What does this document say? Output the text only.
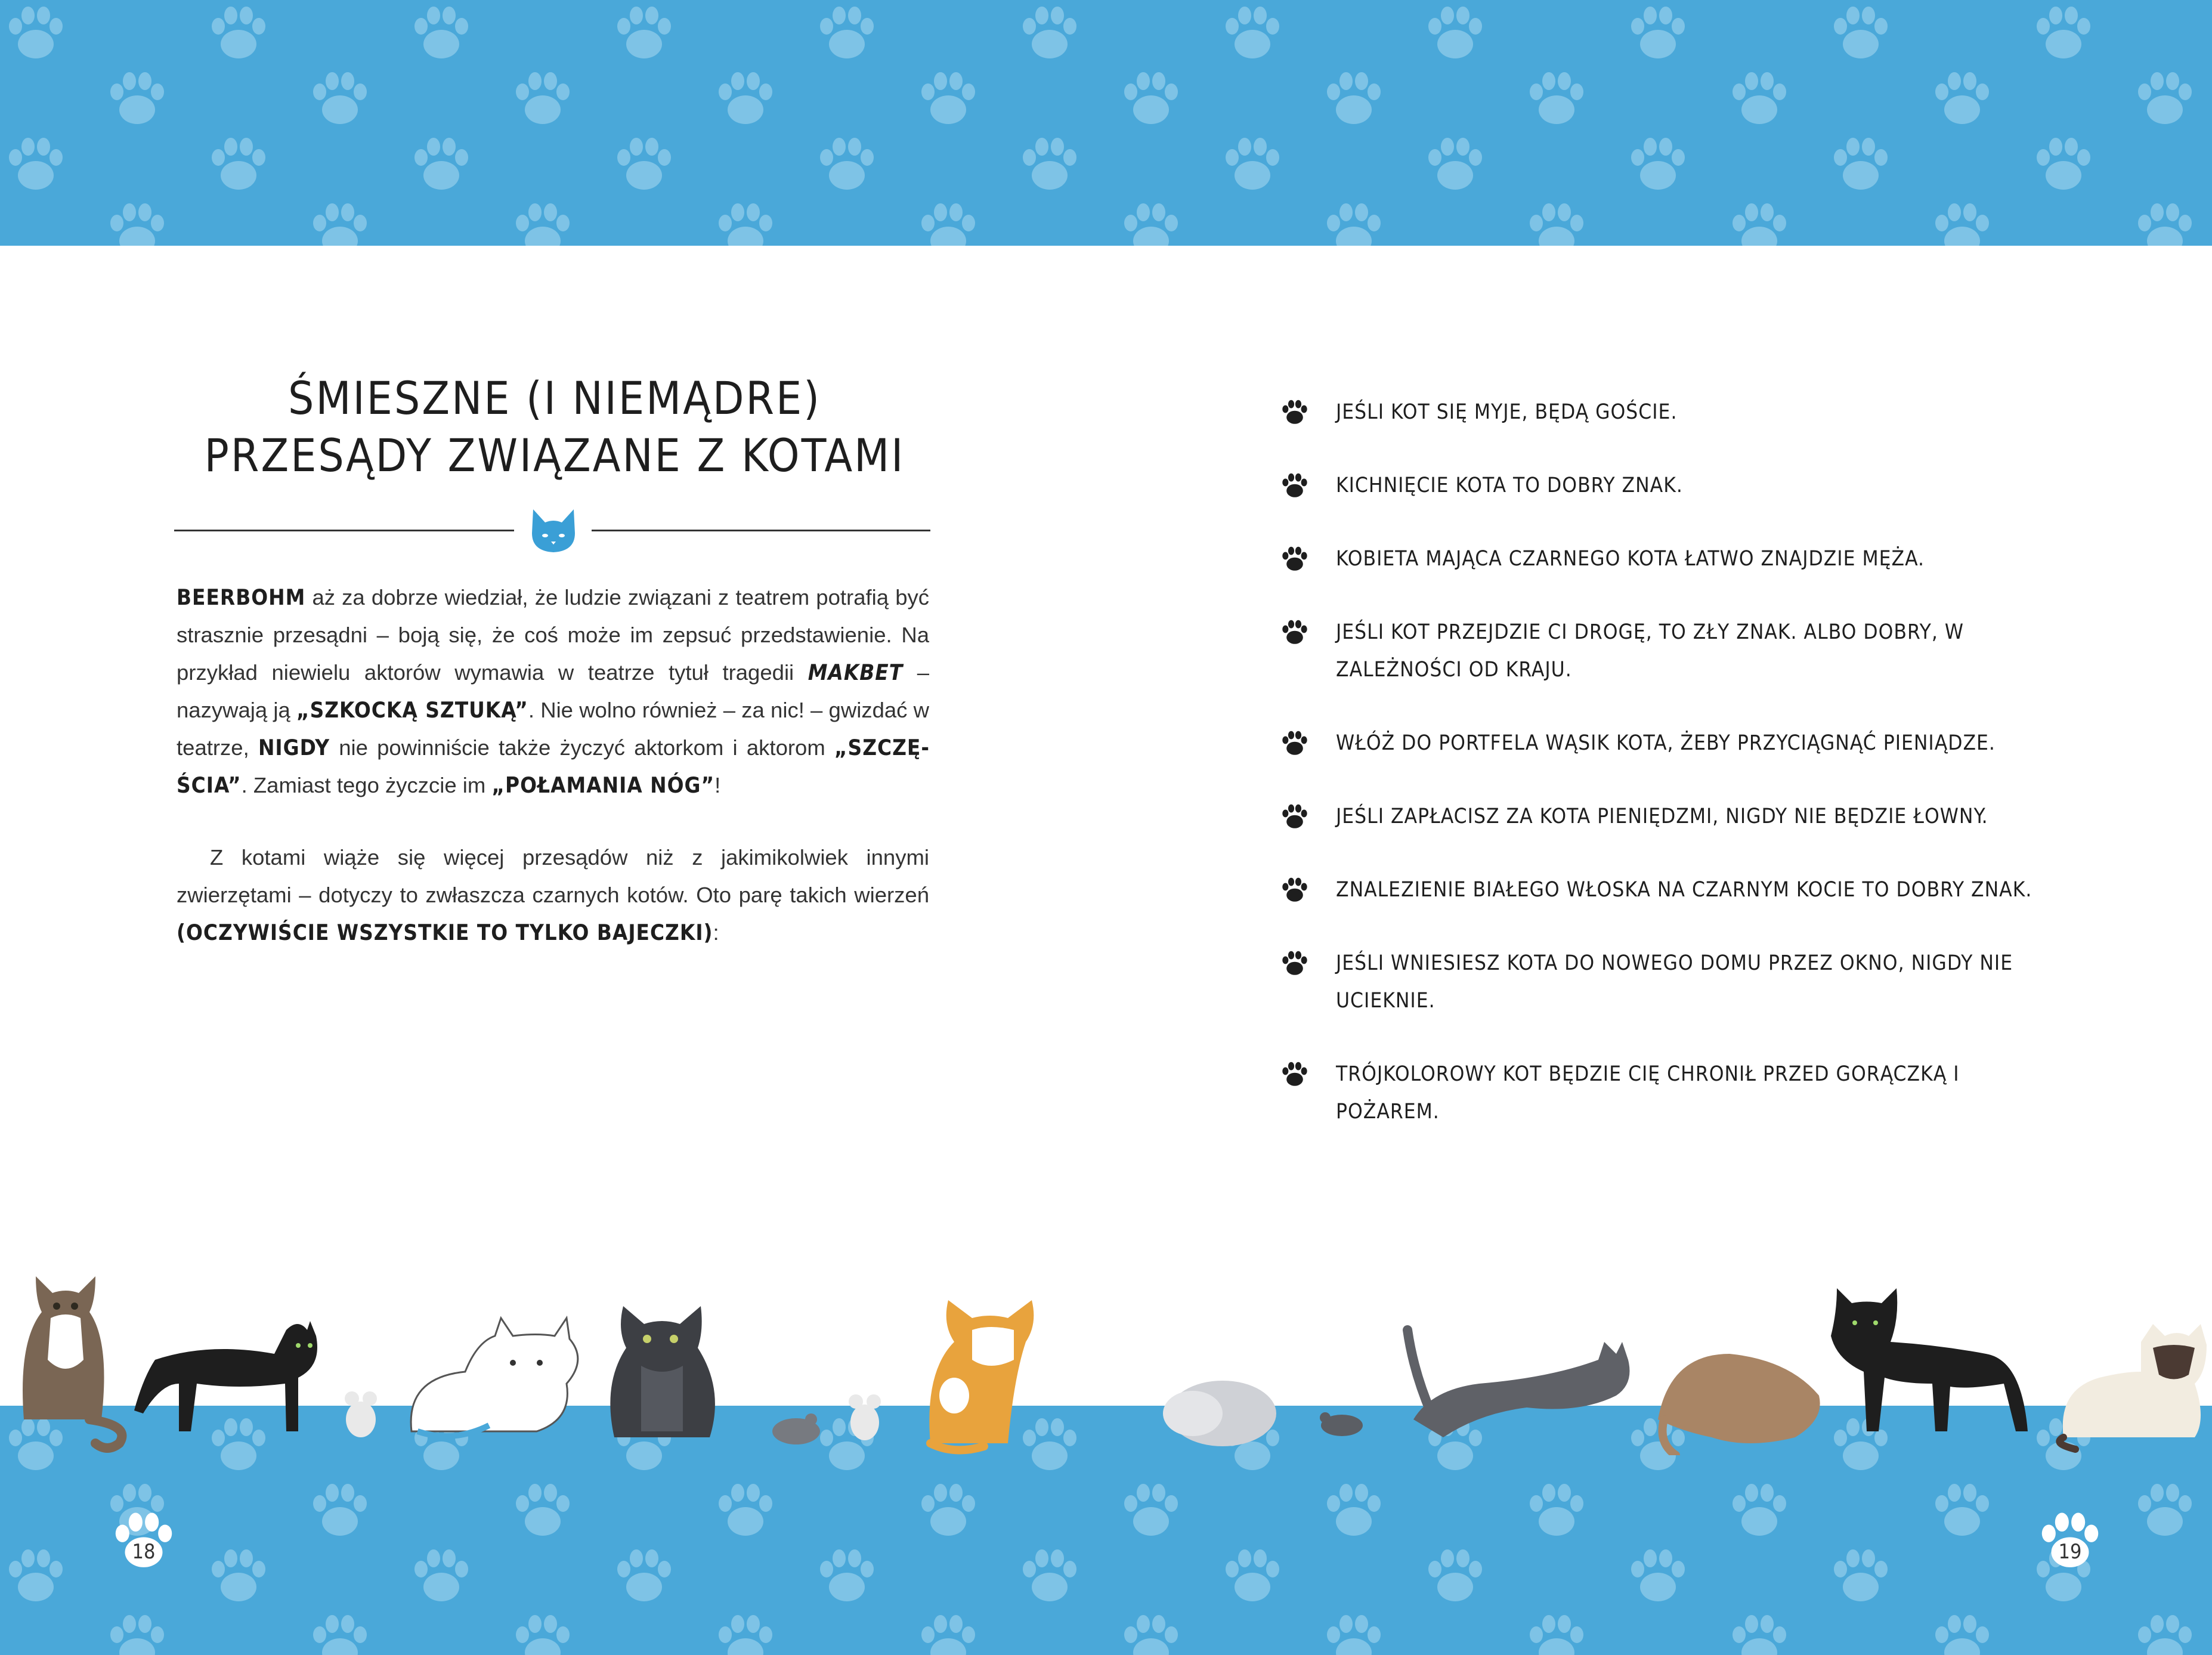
ŚMIESZNE (I NIEMĄDRE)
PRZESĄDY ZWIĄZANE Z KOTAMI
BEERBOHM aż za dobrze wiedział, że ludzie związani z teatrem potrafią być strasznie przesądni – boją się, że coś może im zepsuć przedstawienie. Na przykład niewielu aktorów wymawia w teatrze tytuł tragedii MAKBET – nazywają ją „SZKOCKĄ SZTUKĄ”. Nie wolno również – za nic! – gwizdać w teatrze, NIGDY nie powinniście także życzyć aktorkom i aktorom „SZCZĘŚCIA”. Zamiast tego życzcie im „POŁAMANIA NÓG”!
Z kotami wiąże się więcej przesądów niż z jakimikolwiek innymi zwierzętami – dotyczy to zwłaszcza czarnych kotów. Oto parę takich wierzeń (OCZYWIŚCIE WSZYSTKIE TO TYLKO BAJECZKI):
JEŚLI KOT SIĘ MYJE, BĘDĄ GOŚCIE.
KICHNIĘCIE KOTA TO DOBRY ZNAK.
KOBIETA MAJĄCA CZARNEGO KOTA ŁATWO ZNAJDZIE MĘŻA.
JEŚLI KOT PRZEJDZIE CI DROGĘ, TO ZŁY ZNAK. ALBO DOBRY, W ZALEŻNOŚCI OD KRAJU.
WŁÓŻ DO PORTFELA WĄSIK KOTA, ŻEBY PRZYCIĄGNĄĆ PIENIĄDZE.
JEŚLI ZAPŁACISZ ZA KOTA PIENIĘDZMI, NIGDY NIE BĘDZIE ŁOWNY.
ZNALEZIENIE BIAŁEGO WŁOSKA NA CZARNYM KOCIE TO DOBRY ZNAK.
JEŚLI WNIESIESZ KOTA DO NOWEGO DOMU PRZEZ OKNO, NIGDY NIE UCIEKNIE.
TRÓJKOLOROWY KOT BĘDZIE CIĘ CHRONIŁ PRZED GORĄCZKĄ I POŻAREM.
18	19
